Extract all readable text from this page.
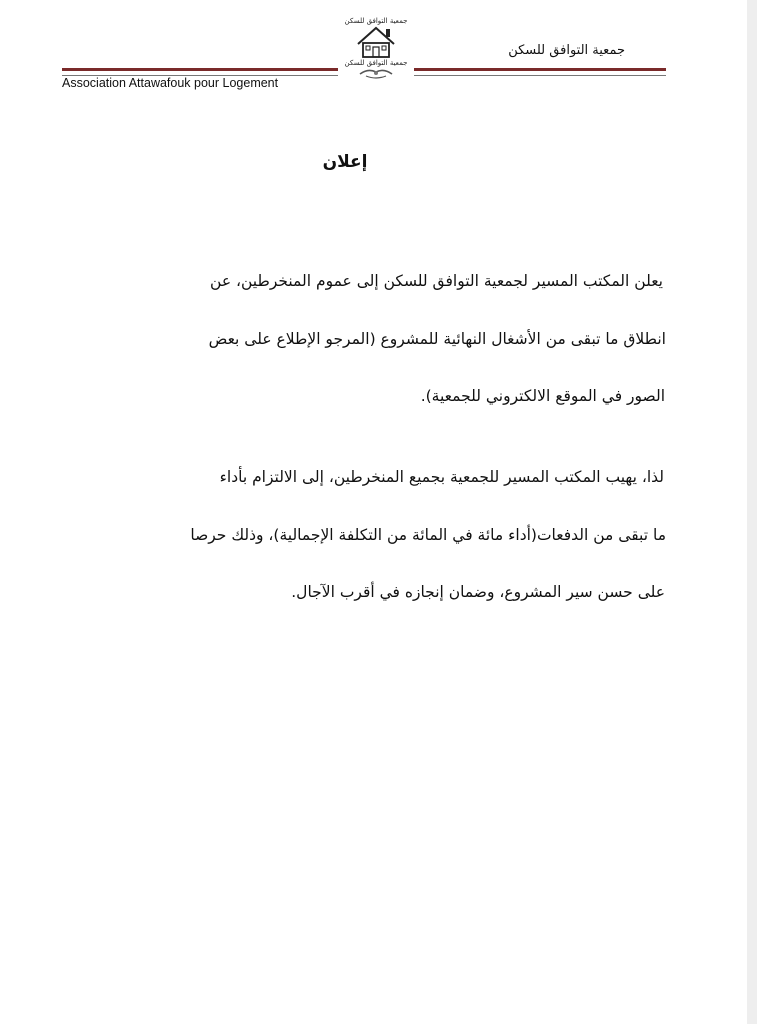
جمعية التوافق للسكن
جمعية التوافق للسكن
جمعية التوافق للسكن
Association Attawafouk pour Logement
إعلان
يعلن المكتب المسير لجمعية التوافق للسكن إلى عموم المنخرطين، عن
انطلاق ما تبقى من الأشغال النهائية للمشروع (المرجو الإطلاع على بعض
الصور في الموقع الالكتروني للجمعية).
لذا، يهيب المكتب المسير للجمعية بجميع المنخرطين، إلى الالتزام بأداء
ما تبقى من الدفعات(أداء مائة في المائة من التكلفة الإجمالية)، وذلك حرصا
على حسن سير المشروع، وضمان إنجازه في أقرب الآجال.
